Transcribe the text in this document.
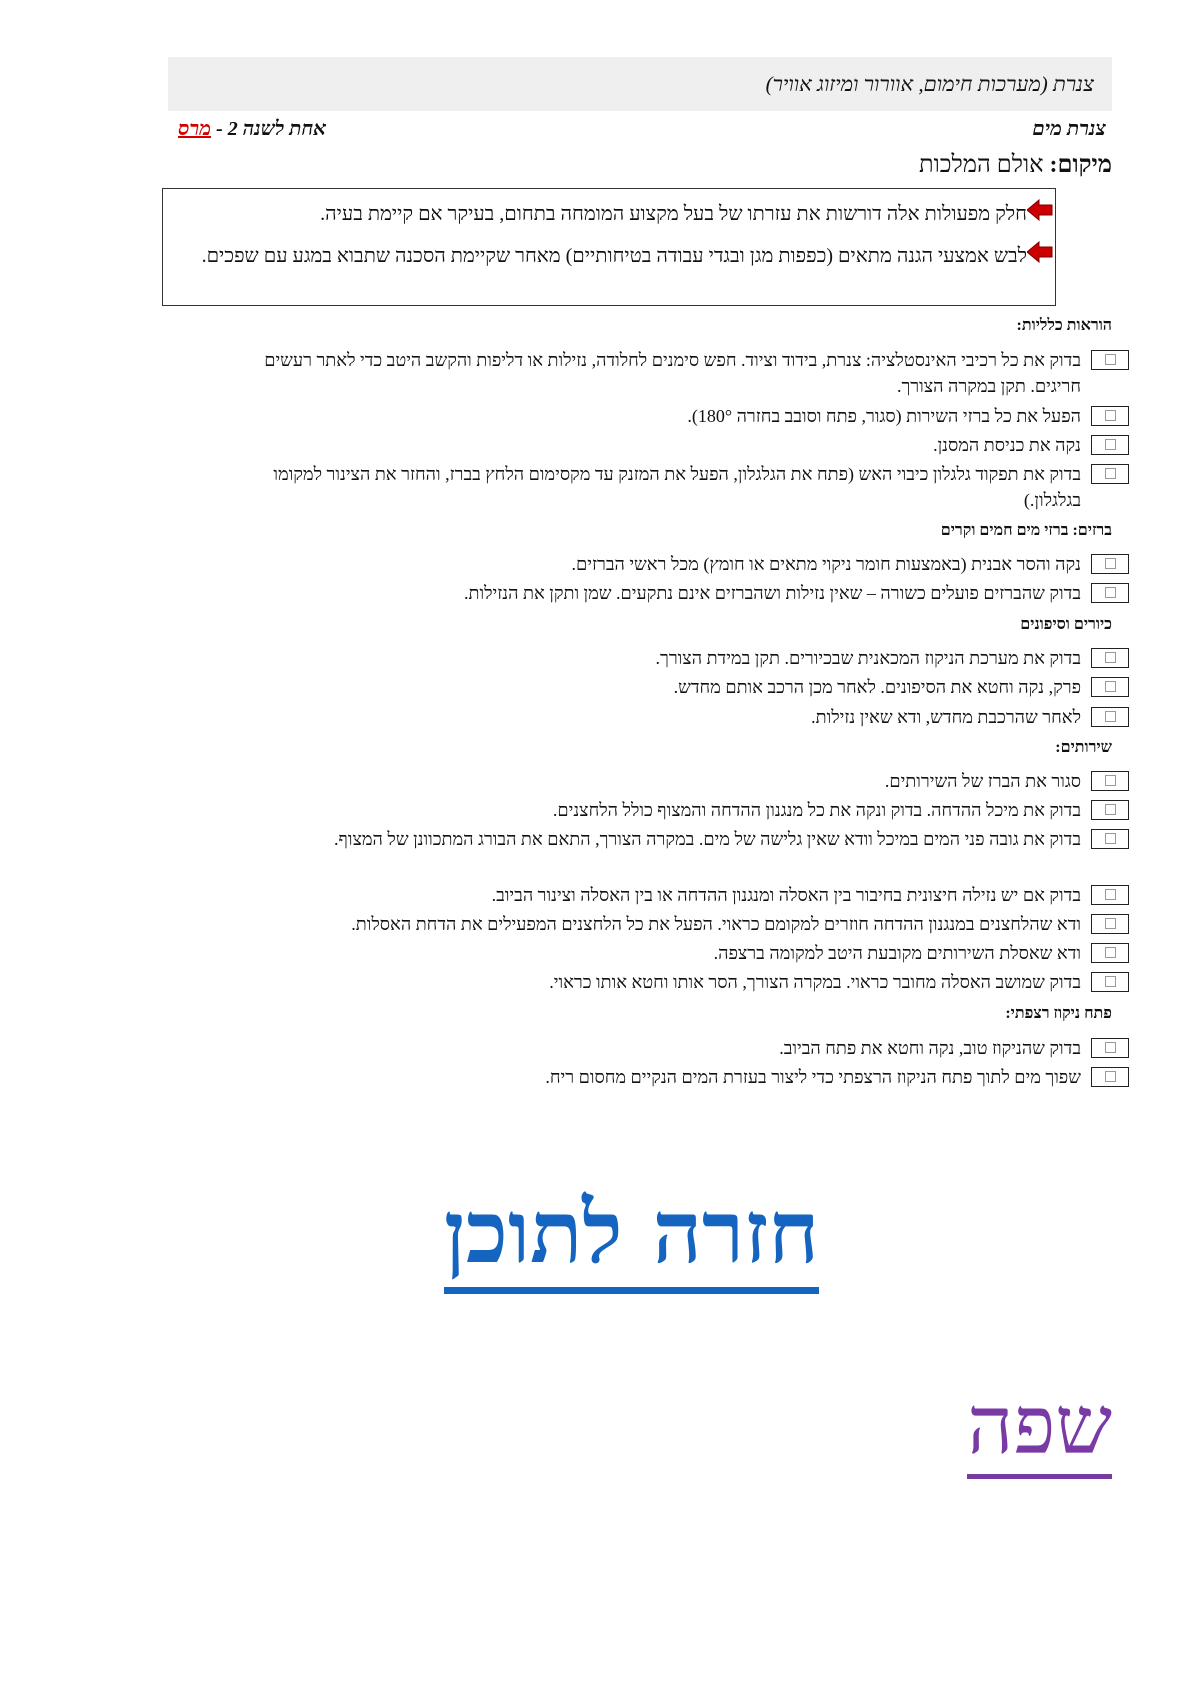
צנרת (מערכות חימום, אוורור ומיזוג אוויר)
צנרת מים
אחת לשנה 2 - מרס
מיקום: אולם המלכות
חלק מפעולות אלה דורשות את עזרתו של בעל מקצוע המומחה בתחום, בעיקר אם קיימת בעיה.
לבש אמצעי הגנה מתאים (כפפות מגן ובגדי עבודה בטיחותיים) מאחר שקיימת הסכנה שתבוא במגע עם שפכים.
הוראות כלליות:
בדוק את כל רכיבי האינסטלציה: צנרת, בידוד וציוד. חפש סימנים לחלודה, נזילות או דליפות והקשב היטב כדי לאתר רעשים חריגים. תקן במקרה הצורך.
הפעל את כל ברזי השירות (סגור, פתח וסובב בחזרה 180°).
נקה את כניסת המסנן.
בדוק את תפקוד גלגלון כיבוי האש (פתח את הגלגלון, הפעל את המזנק עד מקסימום הלחץ בברז, והחזר את הצינור למקומו בגלגלון.)
ברזים: ברזי מים חמים וקרים
נקה והסר אבנית (באמצעות חומר ניקוי מתאים או חומץ) מכל ראשי הברזים.
בדוק שהברזים פועלים כשורה – שאין נזילות ושהברזים אינם נתקעים. שמן ותקן את הנזילות.
כיורים וסיפונים
בדוק את מערכת הניקוז המכאנית שבכיורים. תקן במידת הצורך.
פרק, נקה וחטא את הסיפונים. לאחר מכן הרכב אותם מחדש.
לאחר שהרכבת מחדש, ודא שאין נזילות.
שירותים:
סגור את הברז של השירותים.
בדוק את מיכל ההדחה. בדוק ונקה את כל מנגנון ההדחה והמצוף כולל הלחצנים.
בדוק את גובה פני המים במיכל וודא שאין גלישה של מים. במקרה הצורך, התאם את הבורג המתכוונן של המצוף.
בדוק אם יש נזילה חיצונית בחיבור בין האסלה ומנגנון ההדחה או בין האסלה וצינור הביוב.
ודא שהלחצנים במנגנון ההדחה חוזרים למקומם כראוי. הפעל את כל הלחצנים המפעילים את הדחת האסלות.
ודא שאסלת השירותים מקובעת היטב למקומה ברצפה.
בדוק שמושב האסלה מחובר כראוי. במקרה הצורך, הסר אותו וחטא אותו כראוי.
פתח ניקוז רצפתי:
בדוק שהניקוז טוב, נקה וחטא את פתח הביוב.
שפוך מים לתוך פתח הניקוז הרצפתי כדי ליצור בעזרת המים הנקיים מחסום ריח.
חזרה לתוכן
שפה
